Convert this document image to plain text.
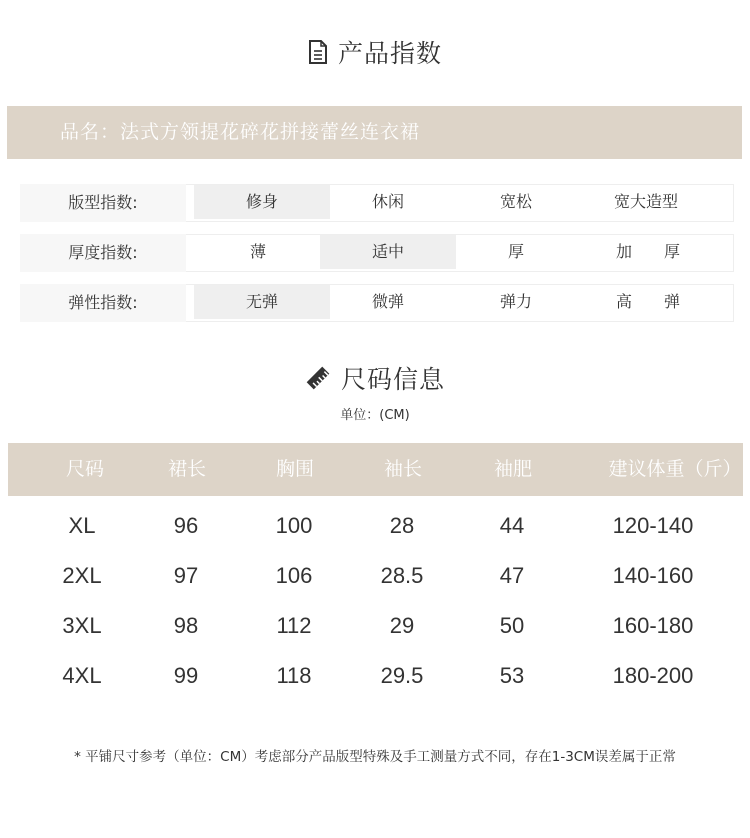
产品指数
品名：法式方领提花碎花拼接蕾丝连衣裙
版型指数:	修身	休闲	宽松	宽大造型
厚度指数:	薄	适中	厚	加　　厚
弹性指数:	无弹	微弹	弹力	高　　弹
尺码信息
单位：(CM)
尺码	裙长	胸围	袖长	袖肥	建议体重（斤）
XL	96	100	28	44	120-140
2XL	97	106	28.5	47	140-160
3XL	98	112	29	50	160-180
4XL	99	118	29.5	53	180-200
* 平铺尺寸参考（单位：CM）考虑部分产品版型特殊及手工测量方式不同，存在1-3CM误差属于正常
